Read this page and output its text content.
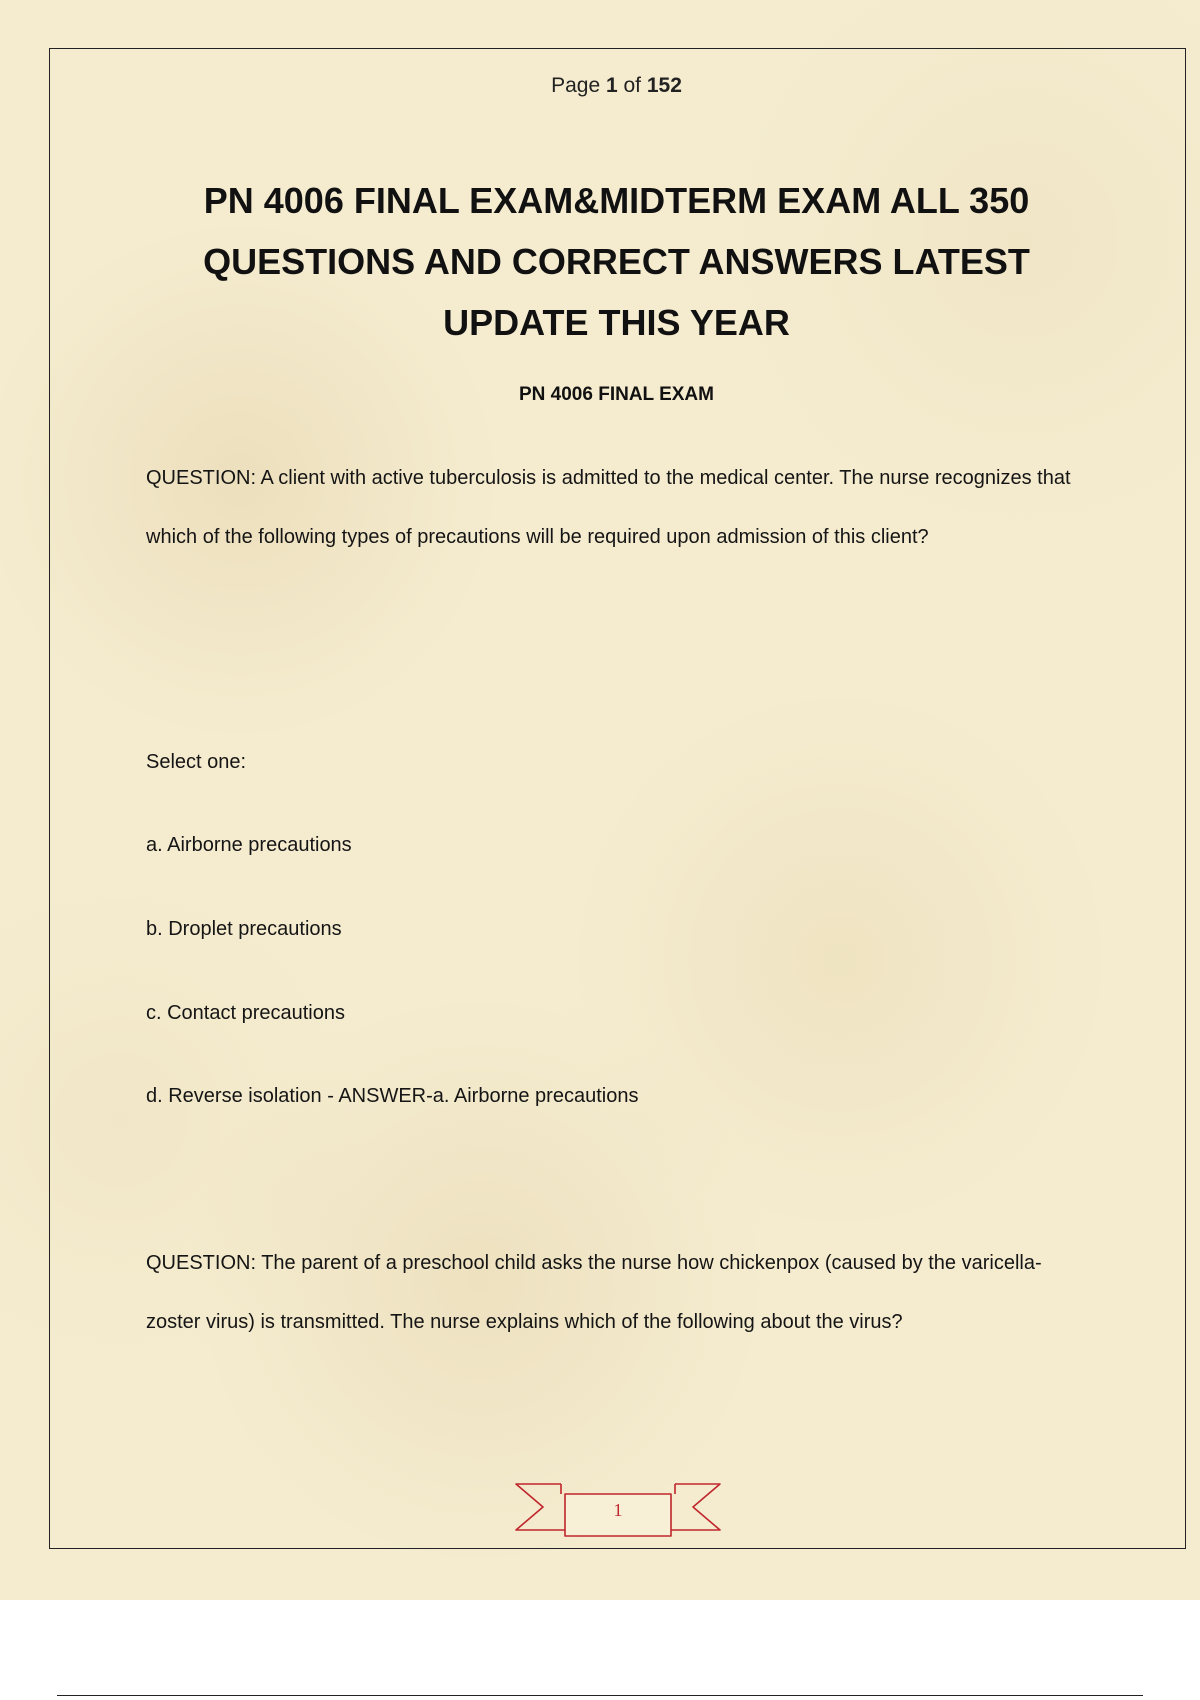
Page 1 of 152
PN 4006 FINAL EXAM&MIDTERM EXAM ALL 350 QUESTIONS AND CORRECT ANSWERS LATEST UPDATE THIS YEAR
PN 4006 FINAL EXAM

QUESTION: A client with active tuberculosis is admitted to the medical center. The nurse recognizes that which of the following types of precautions will be required upon admission of this client?

Select one:
a. Airborne precautions
b. Droplet precautions
c. Contact precautions
d. Reverse isolation - ANSWER-a. Airborne precautions

QUESTION: The parent of a preschool child asks the nurse how chickenpox (caused by the varicella-zoster virus) is transmitted. The nurse explains which of the following about the virus?

1
